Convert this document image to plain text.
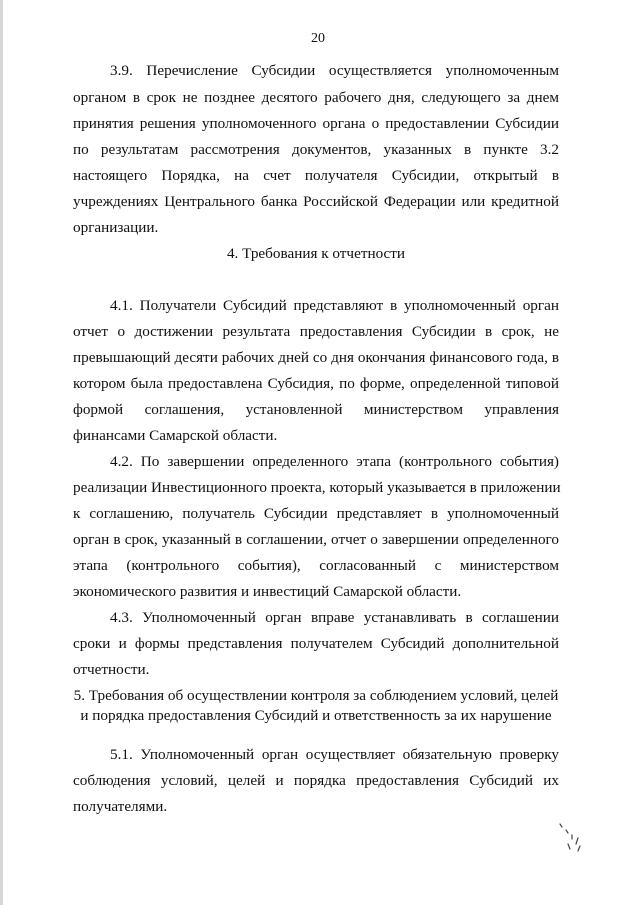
20
3.9. Перечисление Субсидии осуществляется уполномоченным
органом в срок не позднее десятого рабочего дня, следующего за днем
принятия решения уполномоченного органа о предоставлении Субсидии
по результатам рассмотрения документов, указанных в пункте 3.2
настоящего Порядка, на счет получателя Субсидии, открытый в
учреждениях Центрального банка Российской Федерации или кредитной
организации.
4. Требования к отчетности
4.1. Получатели Субсидий представляют в уполномоченный орган
отчет о достижении результата предоставления Субсидии в срок, не
превышающий десяти рабочих дней со дня окончания финансового года, в
котором была предоставлена Субсидия, по форме, определенной типовой
формой соглашения, установленной министерством управления
финансами Самарской области.
4.2. По завершении определенного этапа (контрольного события)
реализации Инвестиционного проекта, который указывается в приложении
к соглашению, получатель Субсидии представляет в уполномоченный
орган в срок, указанный в соглашении, отчет о завершении определенного
этапа (контрольного события), согласованный с министерством
экономического развития и инвестиций Самарской области.
4.3. Уполномоченный орган вправе устанавливать в соглашении
сроки и формы представления получателем Субсидий дополнительной
отчетности.
5. Требования об осуществлении контроля за соблюдением условий, целей
и порядка предоставления Субсидий и ответственность за их нарушение
5.1. Уполномоченный орган осуществляет обязательную проверку
соблюдения условий, целей и порядка предоставления Субсидий их
получателями.
